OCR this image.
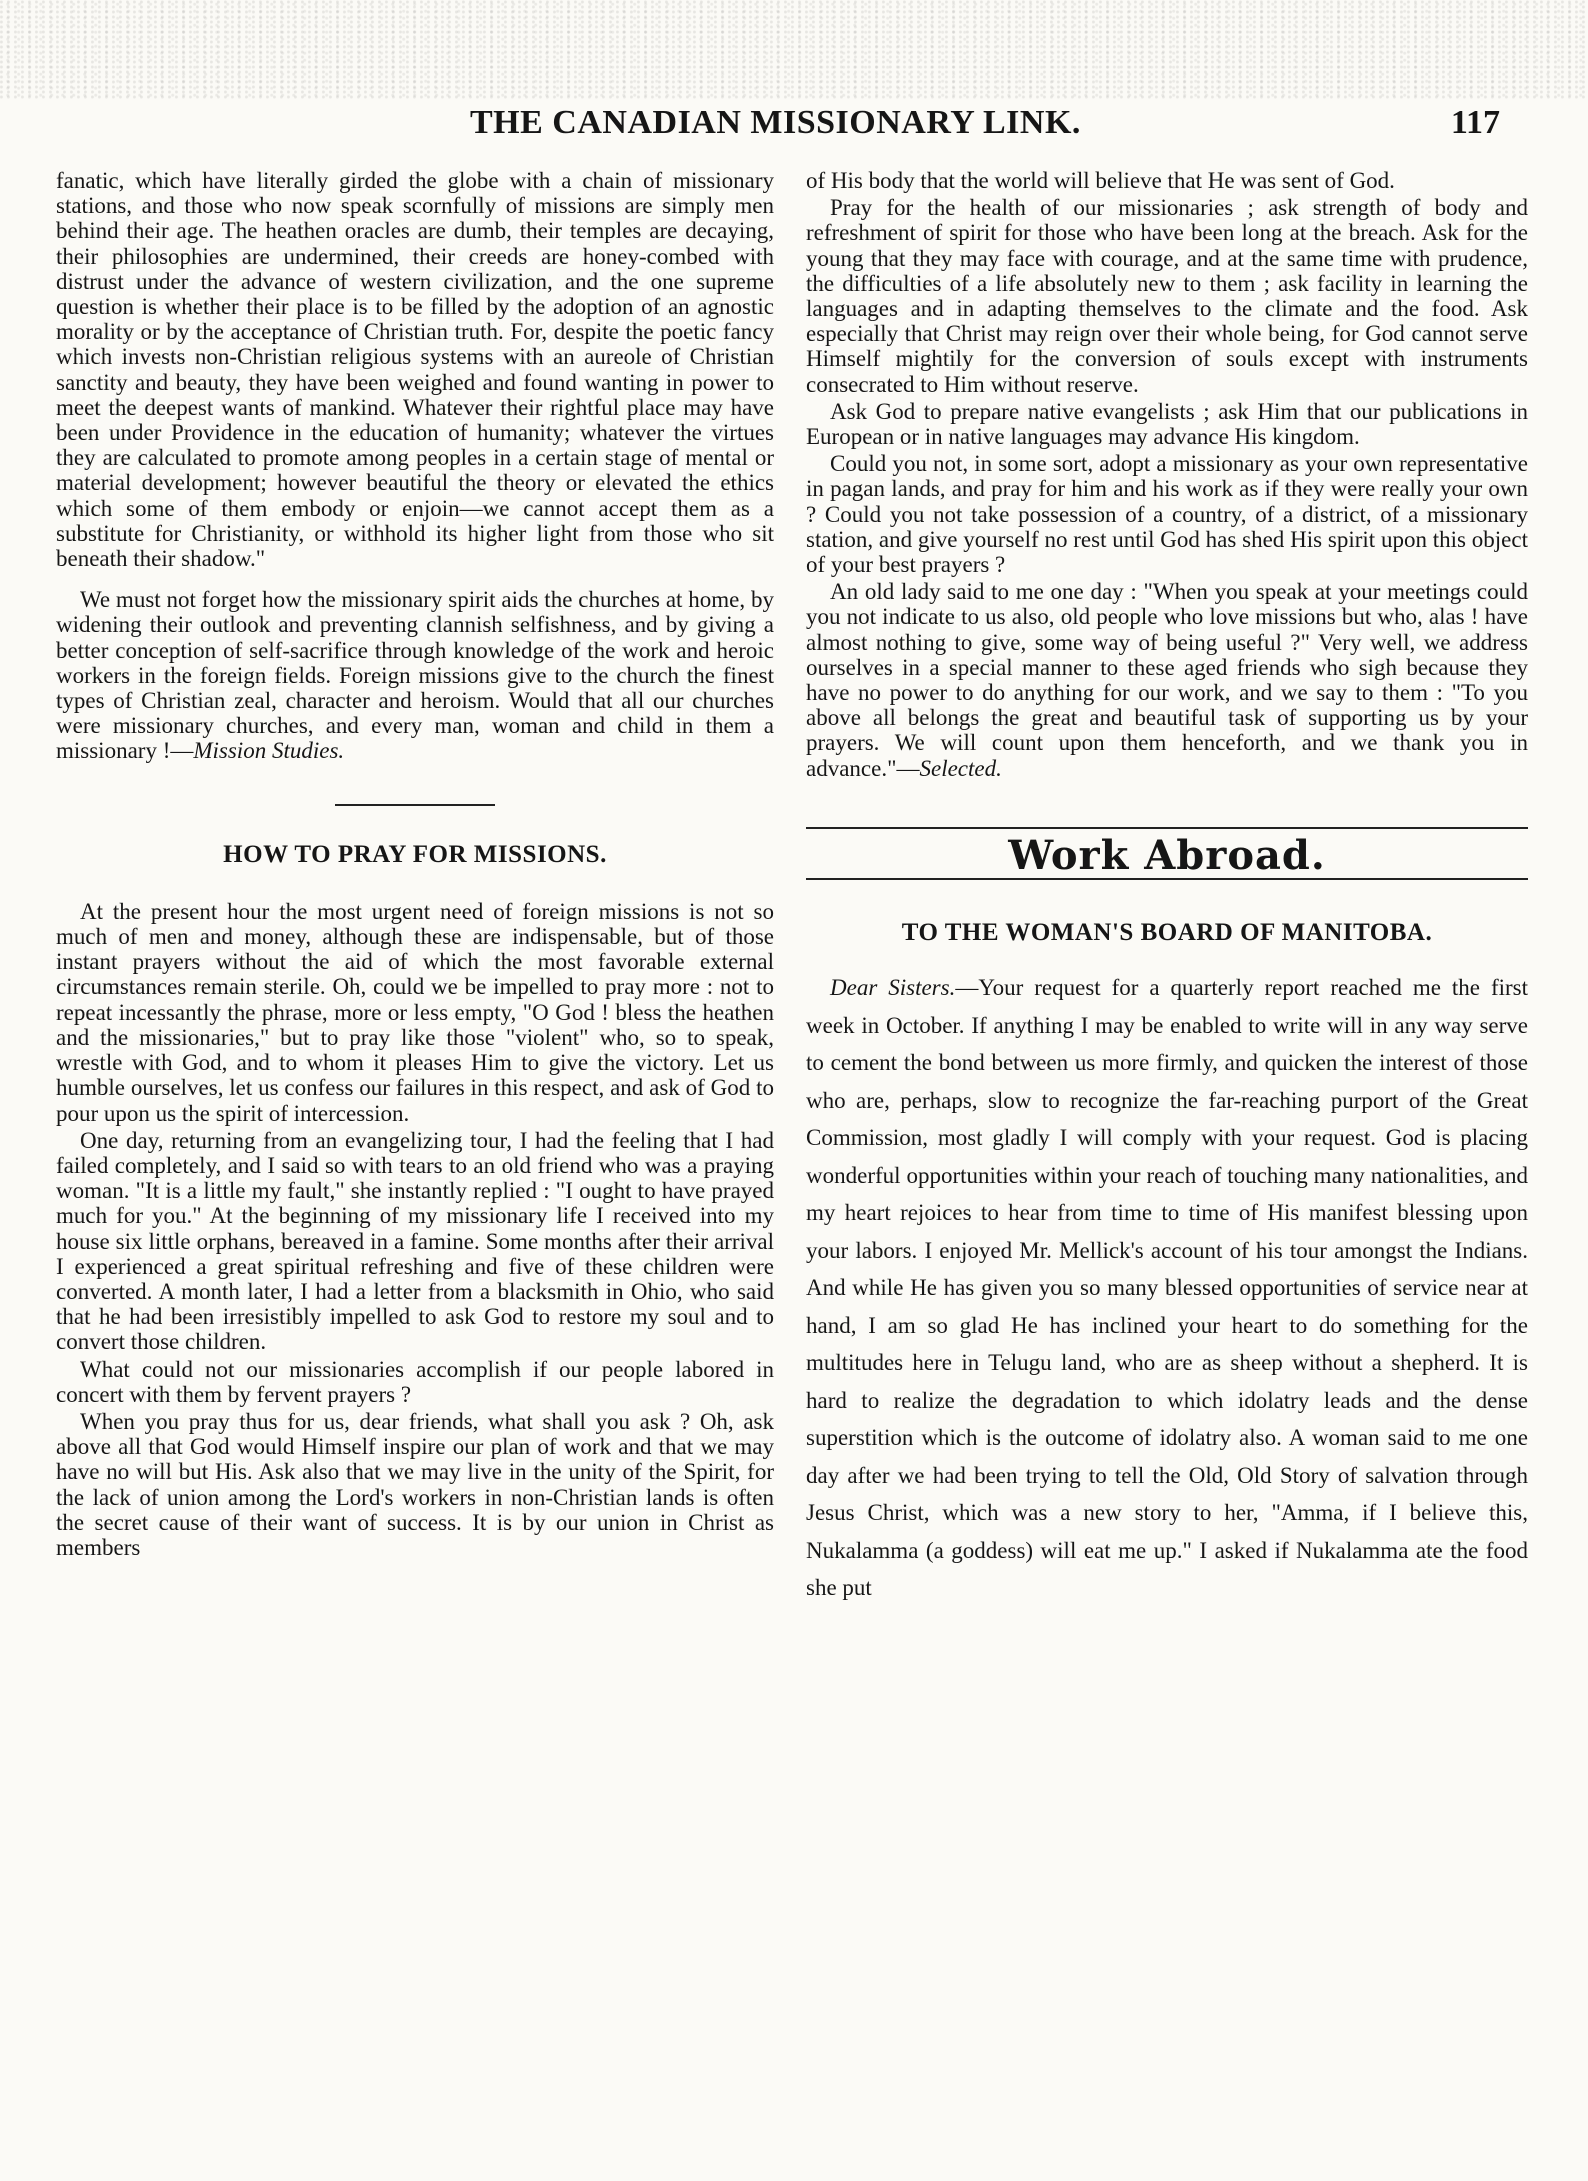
THE CANADIAN MISSIONARY LINK.	117

fanatic, which have literally girded the globe with a chain of missionary stations, and those who now speak scornfully of missions are simply men behind their age. The heathen oracles are dumb, their temples are decaying, their philosophies are undermined, their creeds are honey-combed with distrust under the advance of western civilization, and the one supreme question is whether their place is to be filled by the adoption of an agnostic morality or by the acceptance of Christian truth. For, despite the poetic fancy which invests non-Christian religious systems with an aureole of Christian sanctity and beauty, they have been weighed and found wanting in power to meet the deepest wants of mankind. Whatever their rightful place may have been under Providence in the education of humanity; whatever the virtues they are calculated to promote among peoples in a certain stage of mental or material development; however beautiful the theory or elevated the ethics which some of them embody or enjoin—we cannot accept them as a substitute for Christianity, or withhold its higher light from those who sit beneath their shadow."

We must not forget how the missionary spirit aids the churches at home, by widening their outlook and preventing clannish selfishness, and by giving a better conception of self-sacrifice through knowledge of the work and heroic workers in the foreign fields. Foreign missions give to the church the finest types of Christian zeal, character and heroism. Would that all our churches were missionary churches, and every man, woman and child in them a missionary !—Mission Studies.

HOW TO PRAY FOR MISSIONS.

At the present hour the most urgent need of foreign missions is not so much of men and money, although these are indispensable, but of those instant prayers without the aid of which the most favorable external circumstances remain sterile. Oh, could we be impelled to pray more : not to repeat incessantly the phrase, more or less empty, "O God ! bless the heathen and the missionaries," but to pray like those "violent" who, so to speak, wrestle with God, and to whom it pleases Him to give the victory. Let us humble ourselves, let us confess our failures in this respect, and ask of God to pour upon us the spirit of intercession.

One day, returning from an evangelizing tour, I had the feeling that I had failed completely, and I said so with tears to an old friend who was a praying woman. "It is a little my fault," she instantly replied : "I ought to have prayed much for you." At the beginning of my missionary life I received into my house six little orphans, bereaved in a famine. Some months after their arrival I experienced a great spiritual refreshing and five of these children were converted. A month later, I had a letter from a blacksmith in Ohio, who said that he had been irresistibly impelled to ask God to restore my soul and to convert those children.

What could not our missionaries accomplish if our people labored in concert with them by fervent prayers ?

When you pray thus for us, dear friends, what shall you ask ? Oh, ask above all that God would Himself inspire our plan of work and that we may have no will but His. Ask also that we may live in the unity of the Spirit, for the lack of union among the Lord's workers in non-Christian lands is often the secret cause of their want of success. It is by our union in Christ as members

of His body that the world will believe that He was sent of God.

Pray for the health of our missionaries ; ask strength of body and refreshment of spirit for those who have been long at the breach. Ask for the young that they may face with courage, and at the same time with prudence, the difficulties of a life absolutely new to them ; ask facility in learning the languages and in adapting themselves to the climate and the food. Ask especially that Christ may reign over their whole being, for God cannot serve Himself mightily for the conversion of souls except with instruments consecrated to Him without reserve.

Ask God to prepare native evangelists ; ask Him that our publications in European or in native languages may advance His kingdom.

Could you not, in some sort, adopt a missionary as your own representative in pagan lands, and pray for him and his work as if they were really your own ? Could you not take possession of a country, of a district, of a missionary station, and give yourself no rest until God has shed His spirit upon this object of your best prayers ?

An old lady said to me one day : "When you speak at your meetings could you not indicate to us also, old people who love missions but who, alas ! have almost nothing to give, some way of being useful ?" Very well, we address ourselves in a special manner to these aged friends who sigh because they have no power to do anything for our work, and we say to them : "To you above all belongs the great and beautiful task of supporting us by your prayers. We will count upon them henceforth, and we thank you in advance."—Selected.

Work Abroad.
TO THE WOMAN'S BOARD OF MANITOBA.

Dear Sisters.—Your request for a quarterly report reached me the first week in October. If anything I may be enabled to write will in any way serve to cement the bond between us more firmly, and quicken the interest of those who are, perhaps, slow to recognize the far-reaching purport of the Great Commission, most gladly I will comply with your request. God is placing wonderful opportunities within your reach of touching many nationalities, and my heart rejoices to hear from time to time of His manifest blessing upon your labors. I enjoyed Mr. Mellick's account of his tour amongst the Indians. And while He has given you so many blessed opportunities of service near at hand, I am so glad He has inclined your heart to do something for the multitudes here in Telugu land, who are as sheep without a shepherd. It is hard to realize the degradation to which idolatry leads and the dense superstition which is the outcome of idolatry also. A woman said to me one day after we had been trying to tell the Old, Old Story of salvation through Jesus Christ, which was a new story to her, "Amma, if I believe this, Nukalamma (a goddess) will eat me up." I asked if Nukalamma ate the food she put
